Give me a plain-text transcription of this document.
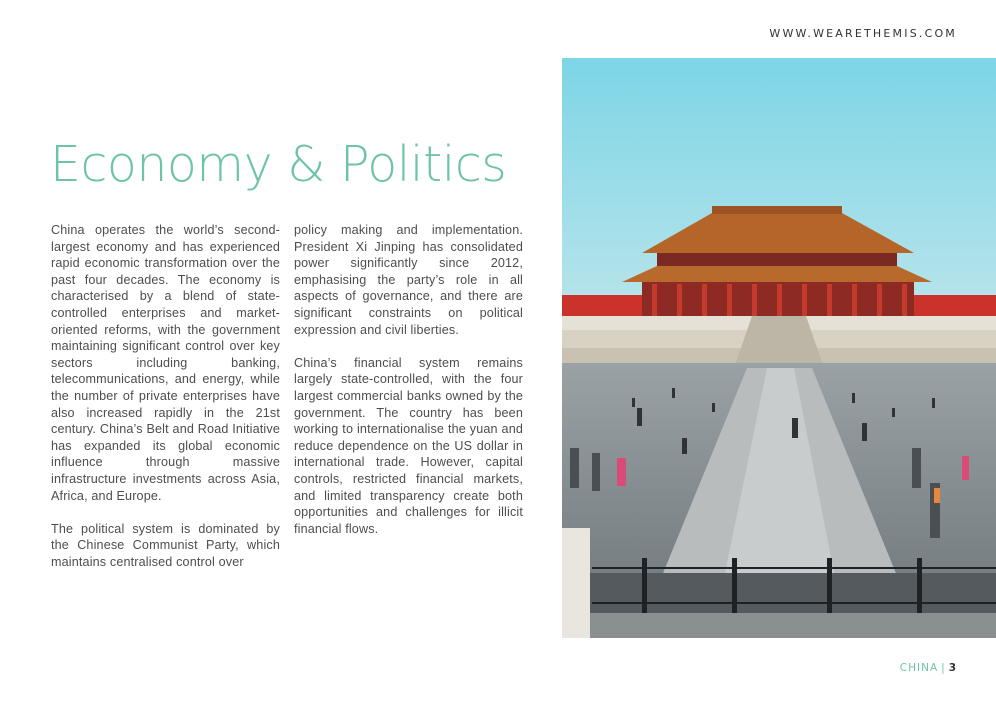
WWW.WEARETHEMIS.COM
Economy & Politics

China operates the world’s second-largest economy and has experienced rapid economic transformation over the past four decades. The economy is characterised by a blend of state-controlled enterprises and market-oriented reforms, with the government maintaining significant control over key sectors including banking, telecommunications, and energy, while the number of private enterprises have also increased rapidly in the 21st century. China’s Belt and Road Initiative has expanded its global economic influence through massive infrastructure investments across Asia, Africa, and Europe.

The political system is dominated by the Chinese Communist Party, which maintains centralised control over

policy making and implementation. President Xi Jinping has consolidated power significantly since 2012, emphasising the party’s role in all aspects of governance, and there are significant constraints on political expression and civil liberties.

China’s financial system remains largely state-controlled, with the four largest commercial banks owned by the government. The country has been working to internationalise the yuan and reduce dependence on the US dollar in international trade. However, capital controls, restricted financial markets, and limited transparency create both opportunities and challenges for illicit financial flows.

CHINA | 3
